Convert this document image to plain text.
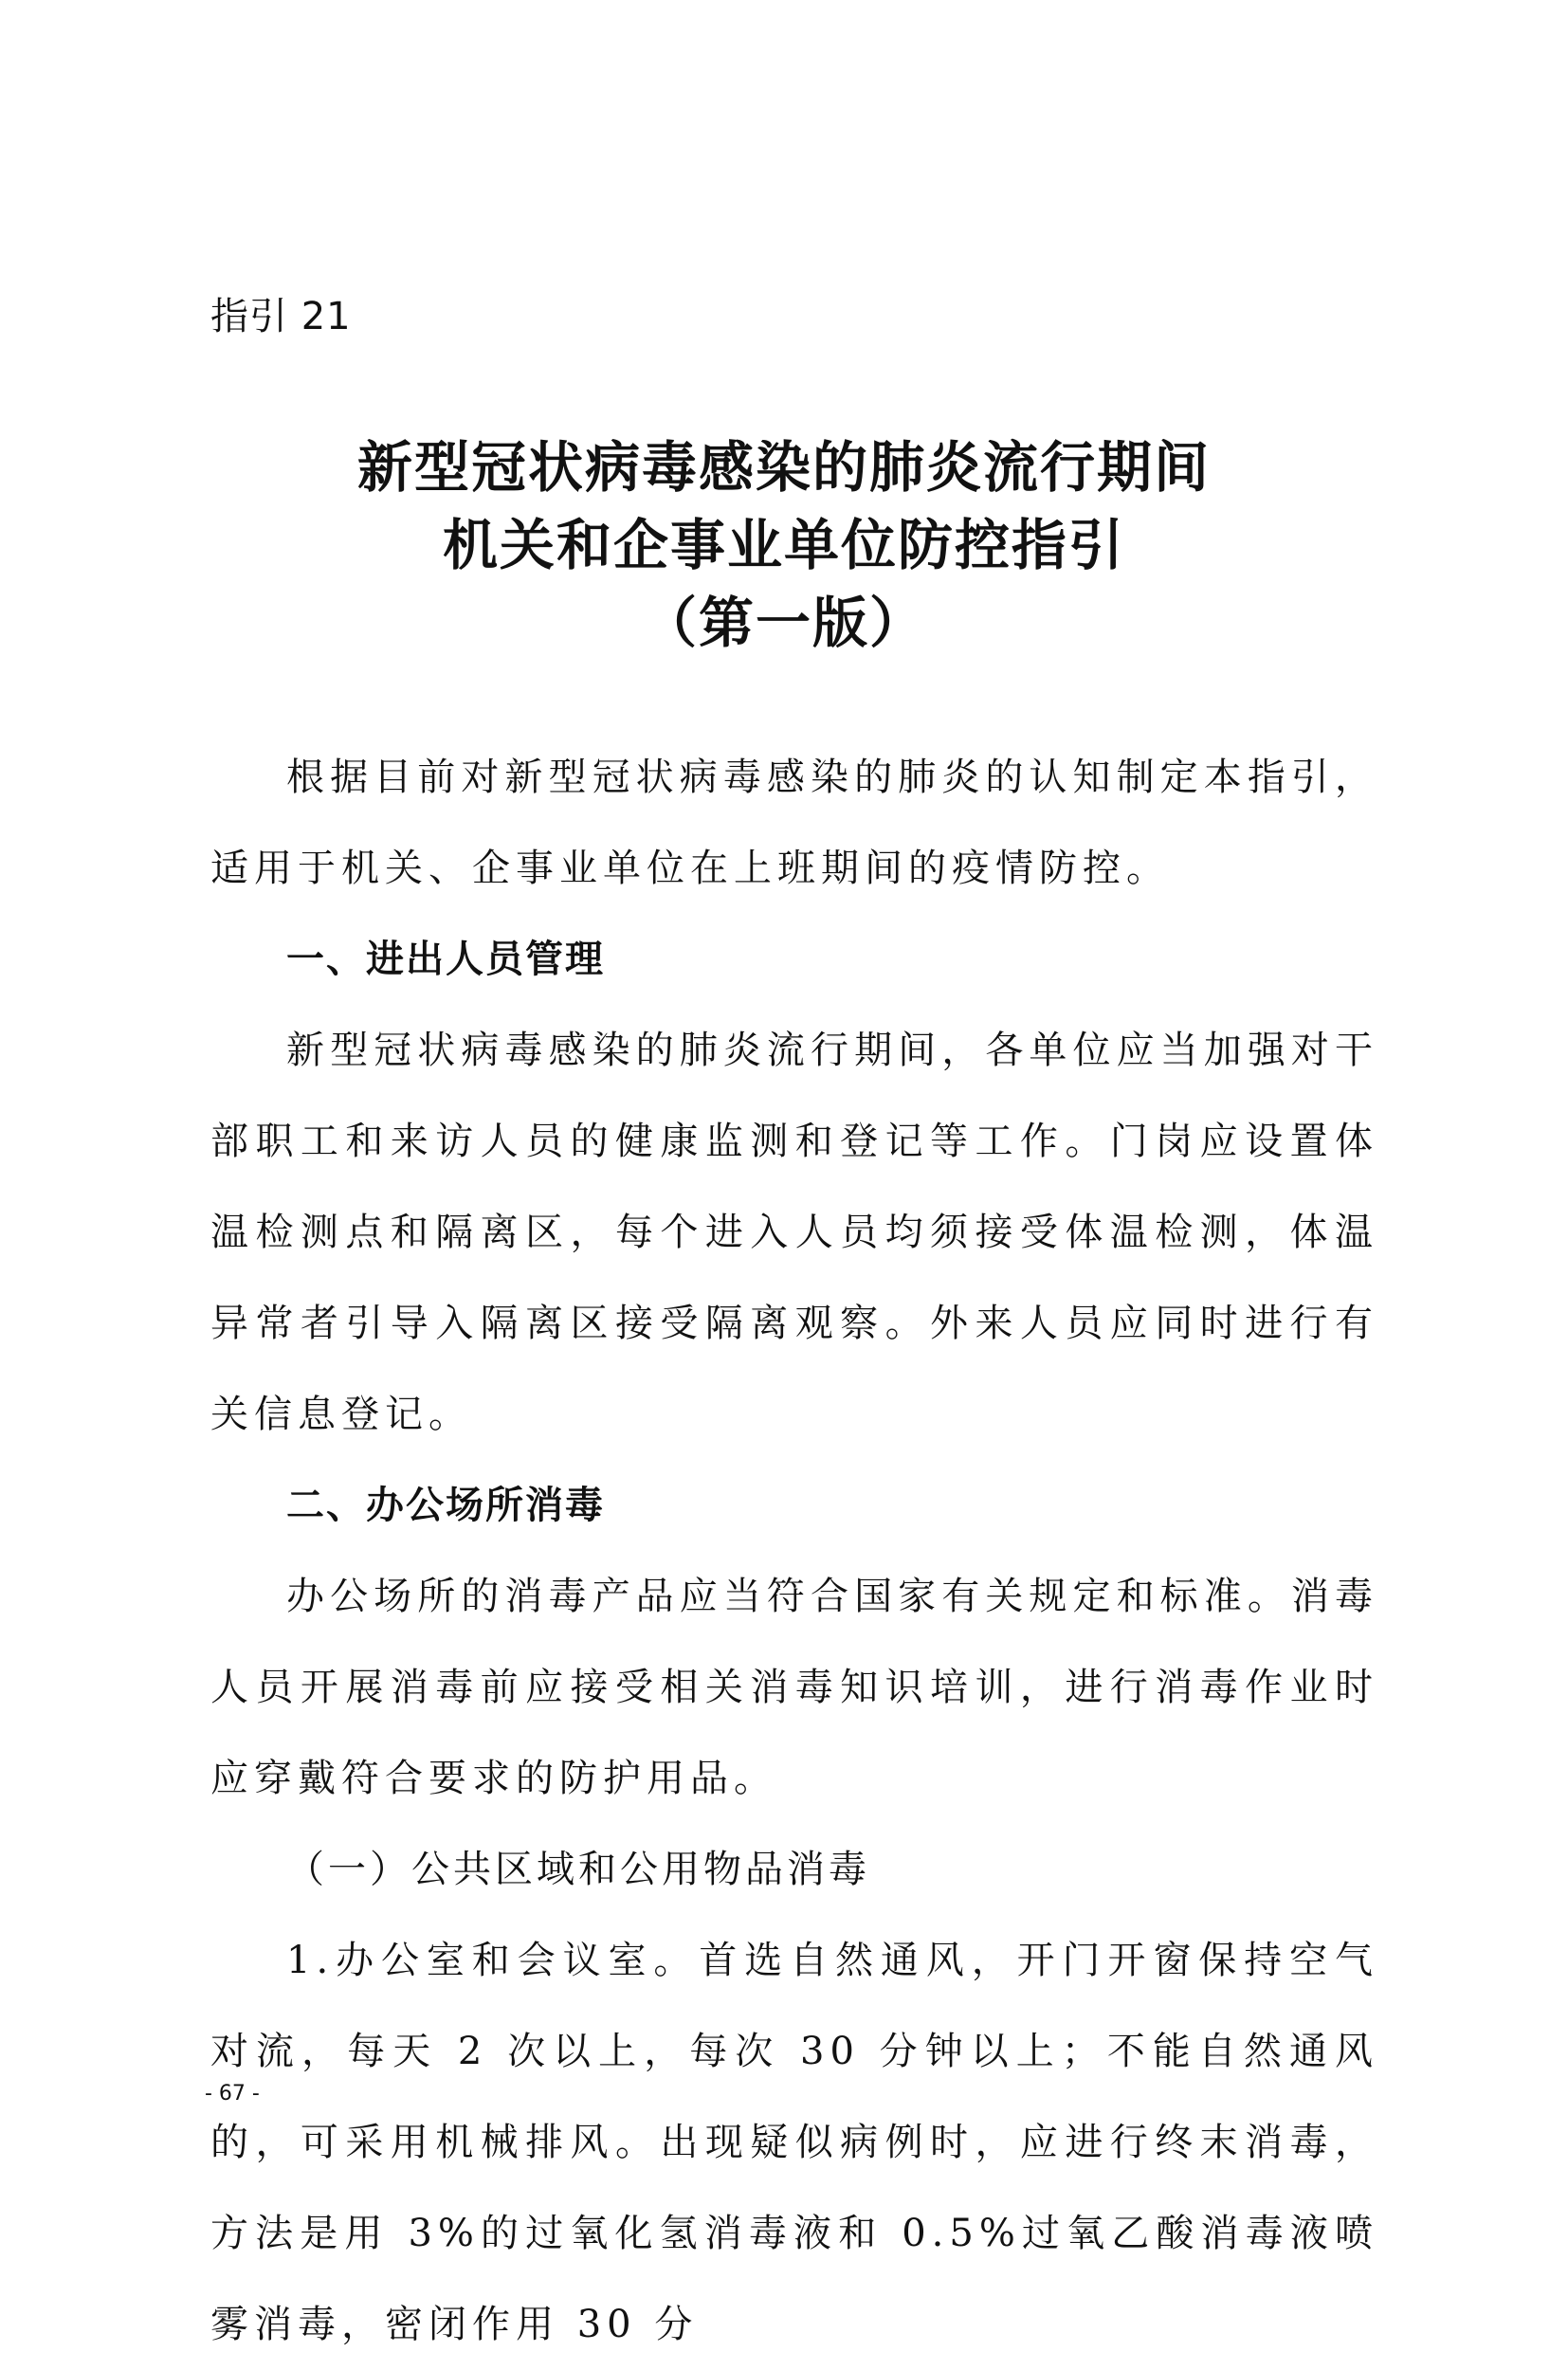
指引 21
新型冠状病毒感染的肺炎流行期间
机关和企事业单位防控指引
（第一版）

根据目前对新型冠状病毒感染的肺炎的认知制定本指引，适用于机关、企事业单位在上班期间的疫情防控。

一、进出人员管理

新型冠状病毒感染的肺炎流行期间，各单位应当加强对干部职工和来访人员的健康监测和登记等工作。门岗应设置体温检测点和隔离区，每个进入人员均须接受体温检测，体温异常者引导入隔离区接受隔离观察。外来人员应同时进行有关信息登记。

二、办公场所消毒

办公场所的消毒产品应当符合国家有关规定和标准。消毒人员开展消毒前应接受相关消毒知识培训，进行消毒作业时应穿戴符合要求的防护用品。

（一）公共区域和公用物品消毒

1.办公室和会议室。首选自然通风，开门开窗保持空气对流，每天 2 次以上，每次 30 分钟以上；不能自然通风的，可采用机械排风。出现疑似病例时，应进行终末消毒，方法是用 3%的过氧化氢消毒液和 0.5%过氧乙酸消毒液喷雾消毒，密闭作用 30 分

- 67 -
